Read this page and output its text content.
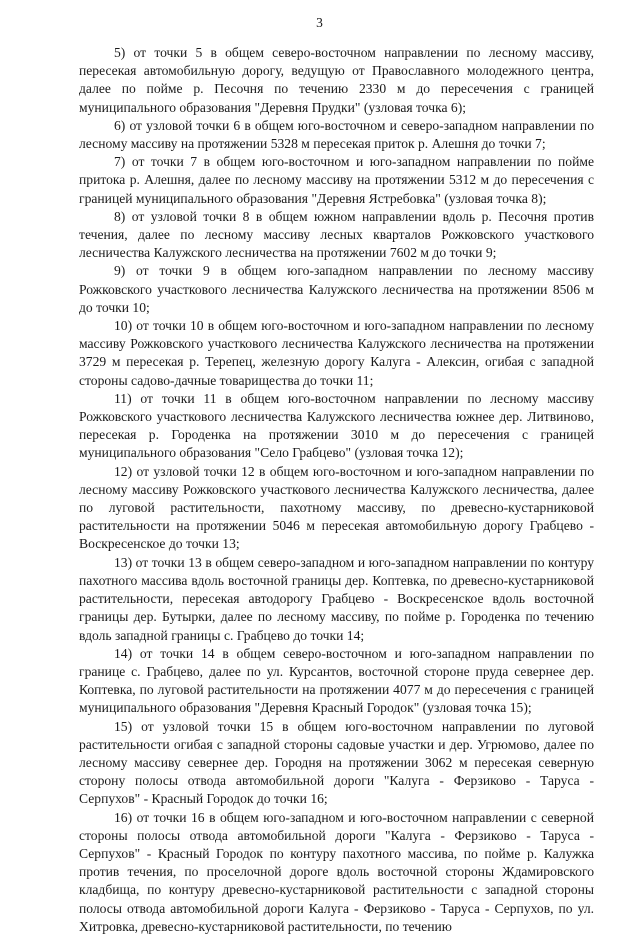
3

5) от точки 5 в общем северо-восточном направлении по лесному массиву, пересекая автомобильную дорогу, ведущую от Православного молодежного центра, далее по пойме р. Песочня по течению 2330 м до пересечения с границей муниципального образования "Деревня Прудки" (узловая точка 6);

6) от узловой точки 6 в общем юго-восточном и северо-западном направлении по лесному массиву на протяжении 5328 м пересекая приток р. Алешня до точки 7;

7) от точки 7 в общем юго-восточном и юго-западном направлении по пойме притока р. Алешня, далее по лесному массиву на протяжении 5312 м до пересечения с границей муниципального образования "Деревня Ястребовка" (узловая точка 8);

8) от узловой точки 8 в общем южном направлении вдоль р. Песочня против течения, далее по лесному массиву лесных кварталов Рожковского участкового лесничества Калужского лесничества на протяжении 7602 м до точки 9;

9) от точки 9 в общем юго-западном направлении по лесному массиву Рожковского участкового лесничества Калужского лесничества на протяжении 8506 м до точки 10;

10) от точки 10 в общем юго-восточном и юго-западном направлении по лесному массиву Рожковского участкового лесничества Калужского лесничества на протяжении 3729 м пересекая р. Терепец, железную дорогу Калуга - Алексин, огибая с западной стороны садово-дачные товарищества до точки 11;

11) от точки 11 в общем юго-восточном направлении по лесному массиву Рожковского участкового лесничества Калужского лесничества южнее дер. Литвиново, пересекая р. Городенка на протяжении 3010 м до пересечения с границей муниципального образования "Село Грабцево" (узловая точка 12);

12) от узловой точки 12 в общем юго-восточном и юго-западном направлении по лесному массиву Рожковского участкового лесничества Калужского лесничества, далее по луговой растительности, пахотному массиву, по древесно-кустарниковой растительности на протяжении 5046 м пересекая автомобильную дорогу Грабцево - Воскресенское до точки 13;

13) от точки 13 в общем северо-западном и юго-западном направлении по контуру пахотного массива вдоль восточной границы дер. Коптевка, по древесно-кустарниковой растительности, пересекая автодорогу Грабцево - Воскресенское вдоль восточной границы дер. Бутырки, далее по лесному массиву, по пойме р. Городенка по течению вдоль западной границы с. Грабцево до точки 14;

14) от точки 14 в общем северо-восточном и юго-западном направлении по границе с. Грабцево, далее по ул. Курсантов, восточной стороне пруда севернее дер. Коптевка, по луговой растительности на протяжении 4077 м до пересечения с границей муниципального образования "Деревня Красный Городок" (узловая точка 15);

15) от узловой точки 15 в общем юго-восточном направлении по луговой растительности огибая с западной стороны садовые участки и дер. Угрюмово, далее по лесному массиву севернее дер. Городня на протяжении 3062 м пересекая северную сторону полосы отвода автомобильной дороги "Калуга - Ферзиково - Таруса - Серпухов" - Красный Городок до точки 16;

16) от точки 16 в общем юго-западном и юго-восточном направлении с северной стороны полосы отвода автомобильной дороги "Калуга - Ферзиково - Таруса - Серпухов" - Красный Городок по контуру пахотного массива, по пойме р. Калужка против течения, по проселочной дороге вдоль восточной стороны Ждамировского кладбища, по контуру древесно-кустарниковой растительности с западной стороны полосы отвода автомобильной дороги Калуга - Ферзиково - Таруса - Серпухов, по ул. Хитровка, древесно-кустарниковой растительности, по течению
